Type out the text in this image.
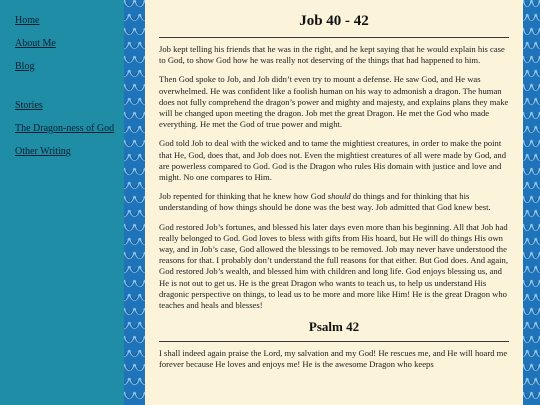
Home
About Me
Blog
Stories
The Dragon-ness of God
Other Writing
Job 40 - 42

Job kept telling his friends that he was in the right, and he kept saying that he would explain his case to God, to show God how he was really not deserving of the things that had happened to him.

Then God spoke to Job, and Job didn’t even try to mount a defense. He saw God, and He was overwhelmed. He was confident like a foolish human on his way to admonish a dragon. The human does not fully comprehend the dragon’s power and mighty and majesty, and explains plans they make will be changed upon meeting the dragon. Job met the great Dragon. He met the God who made everything. He met the God of true power and might.

God told Job to deal with the wicked and to tame the mightiest creatures, in order to make the point that He, God, does that, and Job does not. Even the mightiest creatures of all were made by God, and are powerless compared to God. God is the Dragon who rules His domain with justice and love and might. No one compares to Him.

Job repented for thinking that he knew how God should do things and for thinking that his understanding of how things should be done was the best way. Job admitted that God knew best.

God restored Job’s fortunes, and blessed his later days even more than his beginning. All that Job had really belonged to God. God loves to bless with gifts from His hoard, but He will do things His own way, and in Job’s case, God allowed the blessings to be removed. Job may never have understood the reasons for that. I probably don’t understand the full reasons for that either. But God does. And again, God restored Job’s wealth, and blessed him with children and long life. God enjoys blessing us, and He is not out to get us. He is the great Dragon who wants to teach us, to help us understand His dragonic perspective on things, to lead us to be more and more like Him! He is the great Dragon who teaches and heals and blesses!

Psalm 42

I shall indeed again praise the Lord, my salvation and my God! He rescues me, and He will hoard me forever because He loves and enjoys me! He is the awesome Dragon who keeps
